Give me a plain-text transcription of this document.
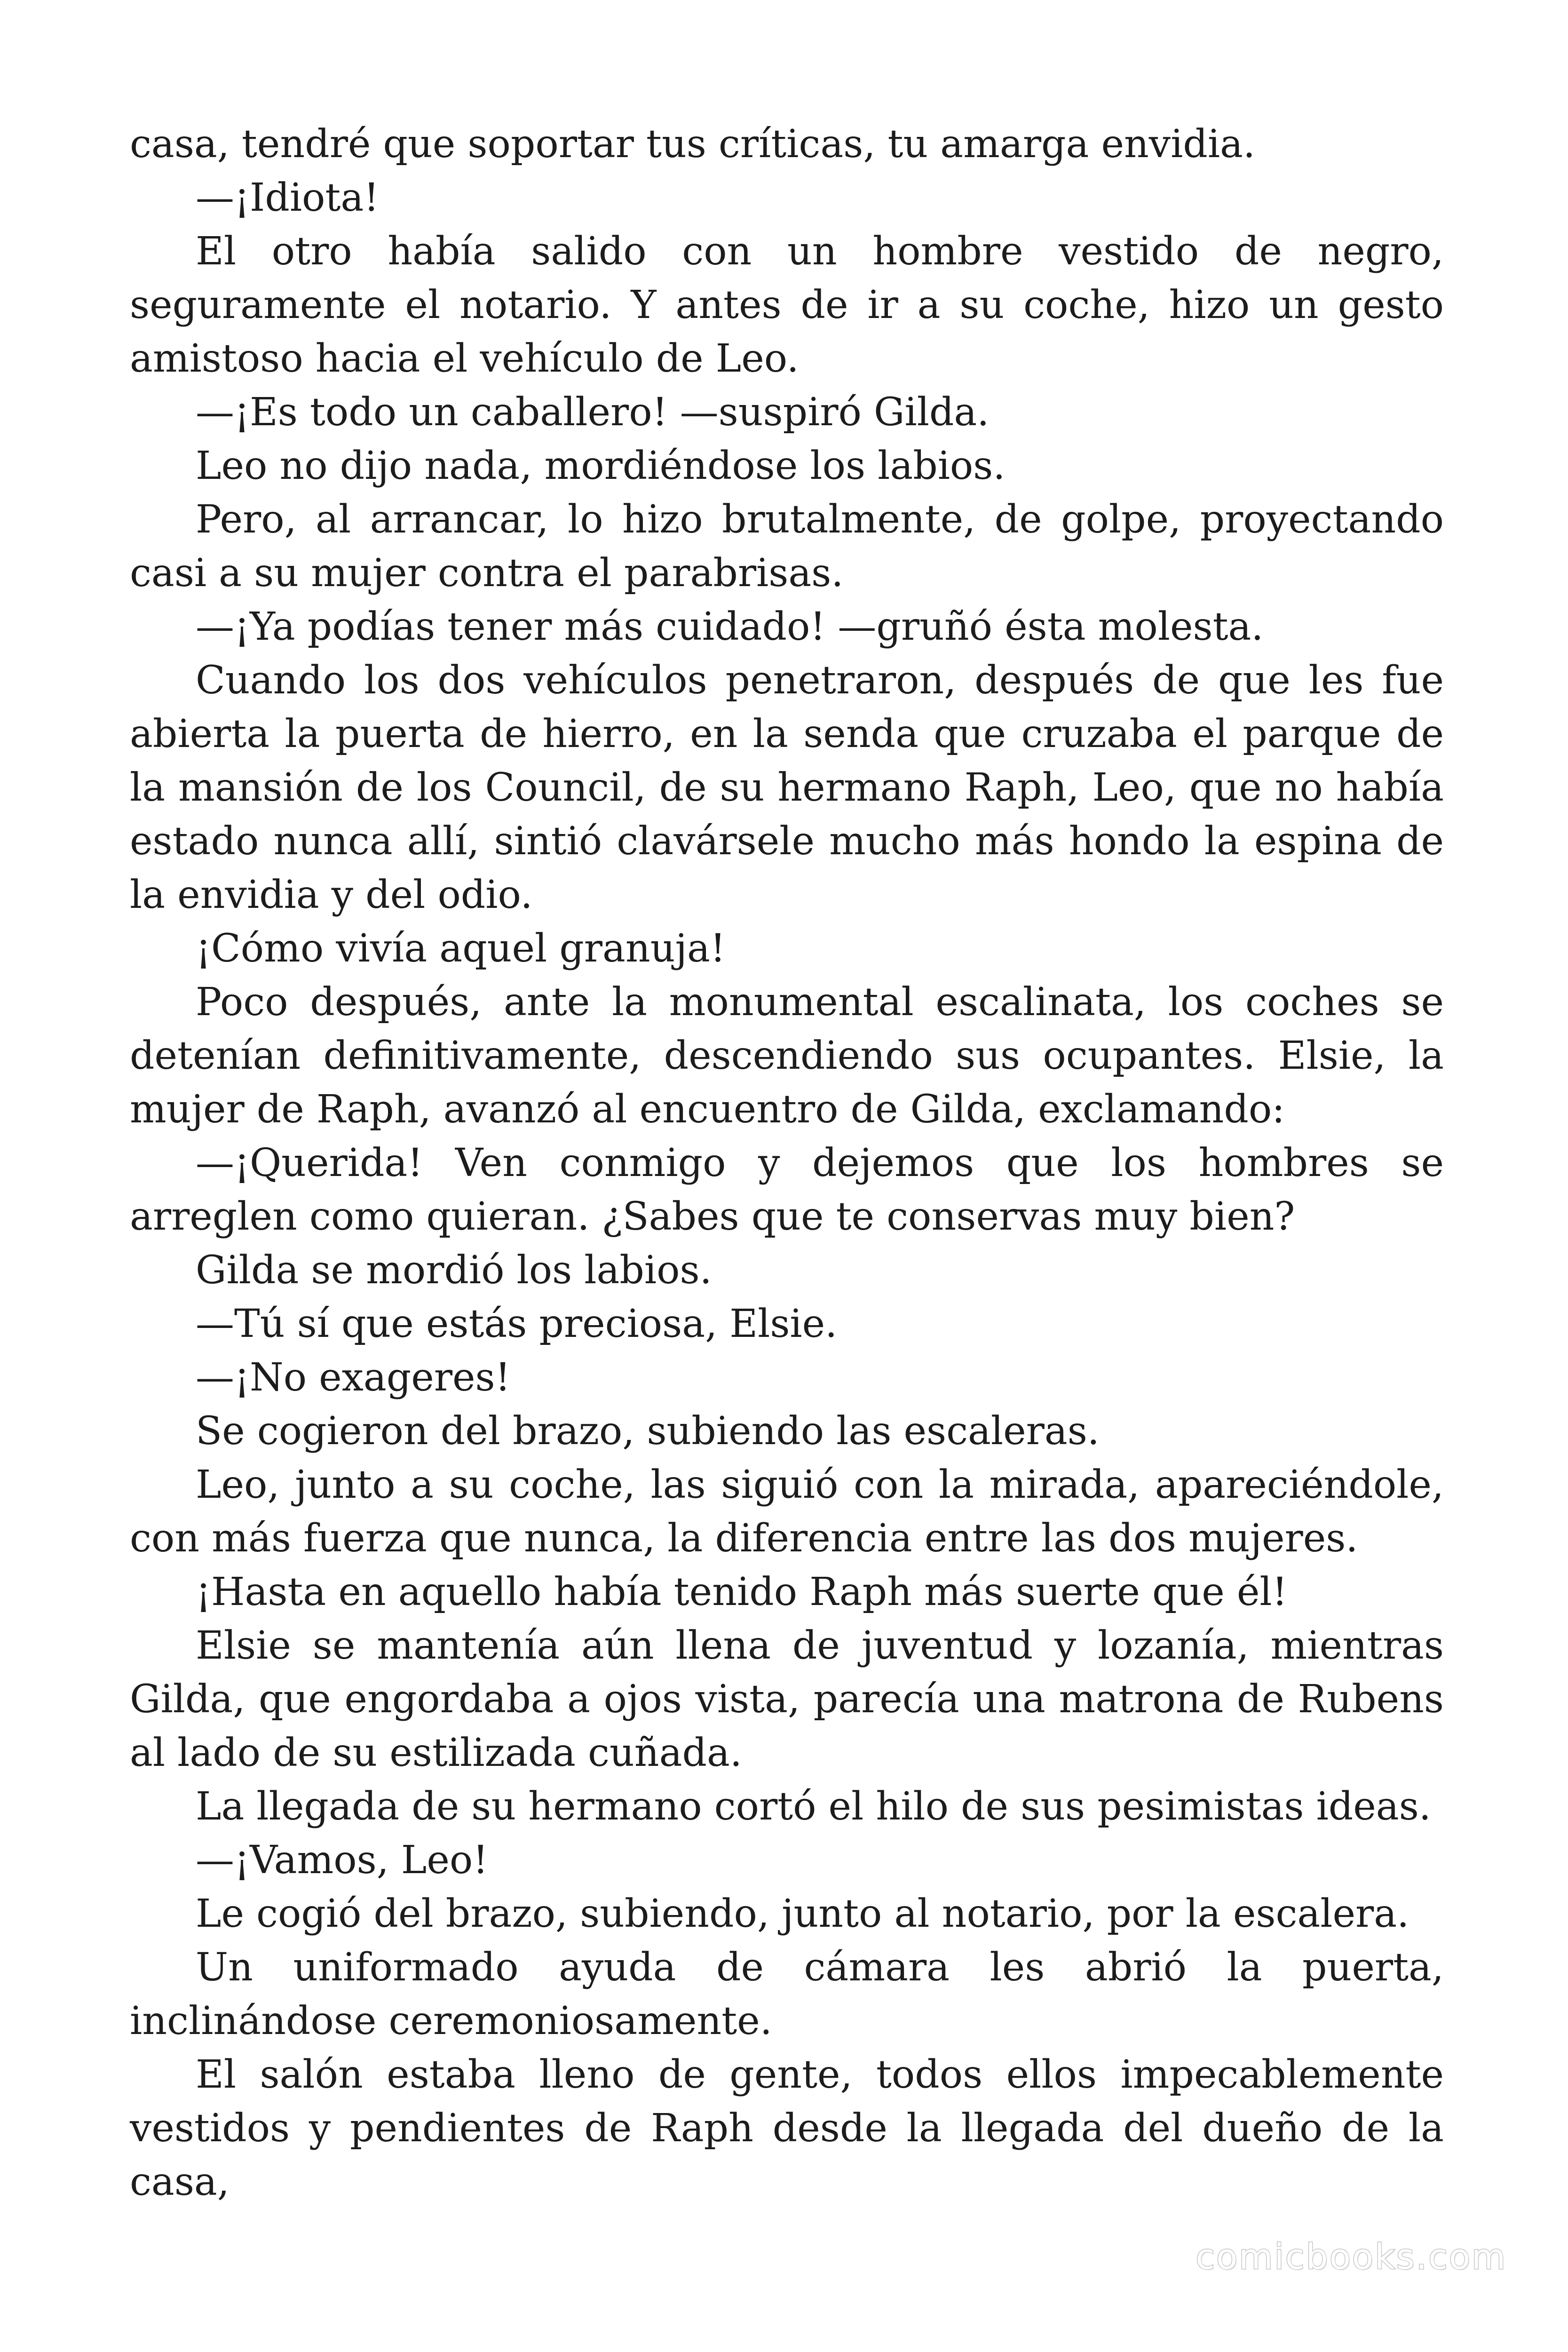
casa, tendré que soportar tus críticas, tu amarga envidia.

—¡Idiota!

El otro había salido con un hombre vestido de negro, seguramente el notario. Y antes de ir a su coche, hizo un gesto amistoso hacia el vehículo de Leo.

—¡Es todo un caballero! —suspiró Gilda.

Leo no dijo nada, mordiéndose los labios.

Pero, al arrancar, lo hizo brutalmente, de golpe, proyectando casi a su mujer contra el parabrisas.

—¡Ya podías tener más cuidado! —gruñó ésta molesta.

Cuando los dos vehículos penetraron, después de que les fue abierta la puerta de hierro, en la senda que cruzaba el parque de la mansión de los Council, de su hermano Raph, Leo, que no había estado nunca allí, sintió clavársele mucho más hondo la espina de la envidia y del odio.

¡Cómo vivía aquel granuja!

Poco después, ante la monumental escalinata, los coches se detenían definitivamente, descendiendo sus ocupantes. Elsie, la mujer de Raph, avanzó al encuentro de Gilda, exclamando:

—¡Querida! Ven conmigo y dejemos que los hombres se arreglen como quieran. ¿Sabes que te conservas muy bien?

Gilda se mordió los labios.

—Tú sí que estás preciosa, Elsie.

—¡No exageres!

Se cogieron del brazo, subiendo las escaleras.

Leo, junto a su coche, las siguió con la mirada, apareciéndole, con más fuerza que nunca, la diferencia entre las dos mujeres.

¡Hasta en aquello había tenido Raph más suerte que él!

Elsie se mantenía aún llena de juventud y lozanía, mientras Gilda, que engordaba a ojos vista, parecía una matrona de Rubens al lado de su estilizada cuñada.

La llegada de su hermano cortó el hilo de sus pesimistas ideas.

—¡Vamos, Leo!

Le cogió del brazo, subiendo, junto al notario, por la escalera.

Un uniformado ayuda de cámara les abrió la puerta, inclinándose ceremoniosamente.

El salón estaba lleno de gente, todos ellos impecablemente vestidos y pendientes de Raph desde la llegada del dueño de la casa,

comicbooks.com
